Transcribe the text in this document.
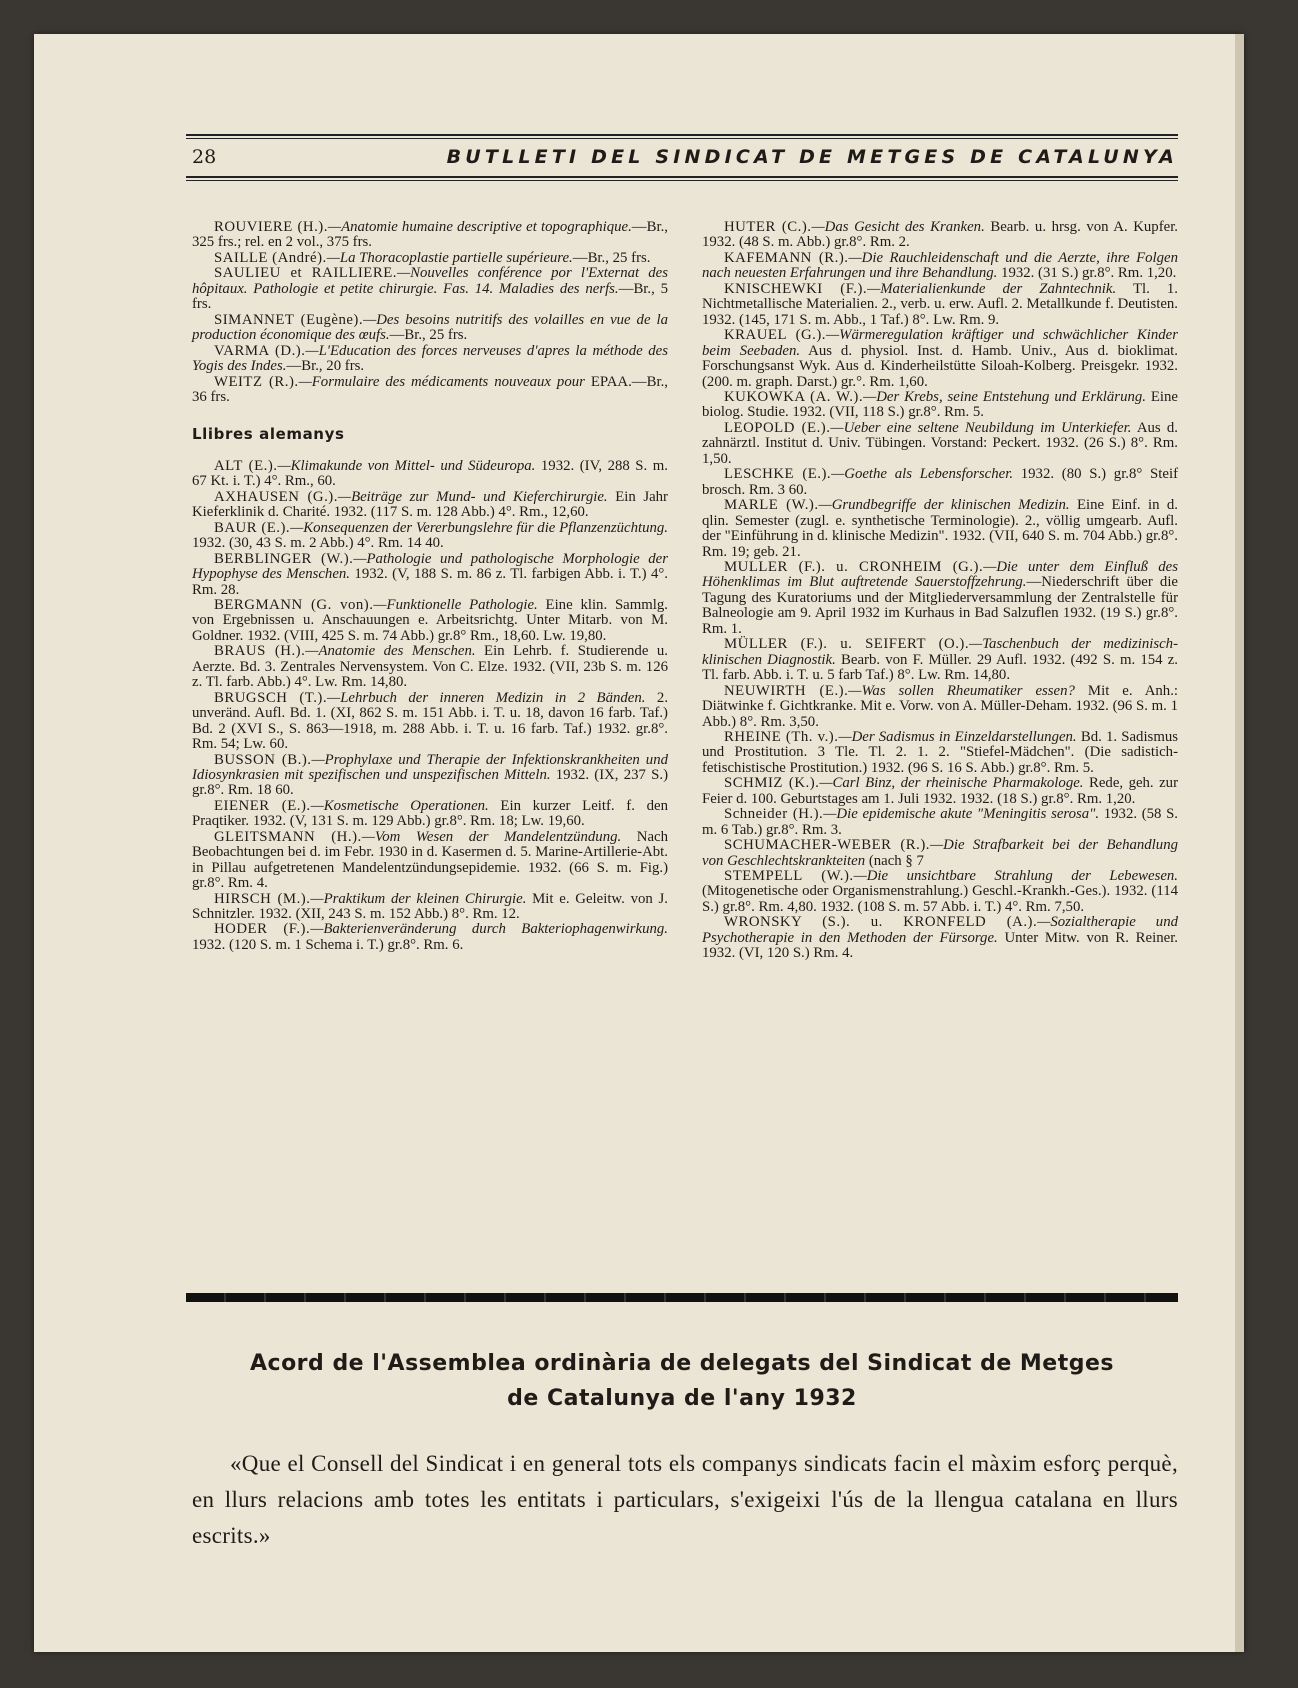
28	BUTLLETI DEL SINDICAT DE METGES DE CATALUNYA

ROUVIERE (H.).—Anatomie humaine descriptive et topographique.—Br., 325 frs.; rel. en 2 vol., 375 frs.

SAILLE (André).—La Thoracoplastie partielle supérieure.—Br., 25 frs.

SAULIEU et RAILLIERE.—Nouvelles conférence por l'Externat des hôpitaux. Pathologie et petite chirurgie. Fas. 14. Maladies des nerfs.—Br., 5 frs.

SIMANNET (Eugène).—Des besoins nutritifs des volailles en vue de la production économique des œufs.—Br., 25 frs.

VARMA (D.).—L'Education des forces nerveuses d'apres la méthode des Yogis des Indes.—Br., 20 frs.

WEITZ (R.).—Formulaire des médicaments nouveaux pour EPAA.—Br., 36 frs.

Llibres alemanys

ALT (E.).—Klimakunde von Mittel- und Südeuropa. 1932. (IV, 288 S. m. 67 Kt. i. T.) 4°. Rm., 60.

AXHAUSEN (G.).—Beiträge zur Mund- und Kieferchirurgie. Ein Jahr Kieferklinik d. Charité. 1932. (117 S. m. 128 Abb.) 4°. Rm., 12,60.

BAUR (E.).—Konsequenzen der Vererbungslehre für die Pflanzenzüchtung. 1932. (30, 43 S. m. 2 Abb.) 4°. Rm. 14 40.

BERBLINGER (W.).—Pathologie und pathologische Morphologie der Hypophyse des Menschen. 1932. (V, 188 S. m. 86 z. Tl. farbigen Abb. i. T.) 4°. Rm. 28.

BERGMANN (G. von).—Funktionelle Pathologie. Eine klin. Sammlg. von Ergebnissen u. Anschauungen e. Arbeitsrichtg. Unter Mitarb. von M. Goldner. 1932. (VIII, 425 S. m. 74 Abb.) gr.8° Rm., 18,60. Lw. 19,80.

BRAUS (H.).—Anatomie des Menschen. Ein Lehrb. f. Studierende u. Aerzte. Bd. 3. Zentrales Nervensystem. Von C. Elze. 1932. (VII, 23b S. m. 126 z. Tl. farb. Abb.) 4°. Lw. Rm. 14,80.

BRUGSCH (T.).—Lehrbuch der inneren Medizin in 2 Bänden. 2. unveränd. Aufl. Bd. 1. (XI, 862 S. m. 151 Abb. i. T. u. 18, davon 16 farb. Taf.) Bd. 2 (XVI S., S. 863—1918, m. 288 Abb. i. T. u. 16 farb. Taf.) 1932. gr.8°. Rm. 54; Lw. 60.

BUSSON (B.).—Prophylaxe und Therapie der Infektionskrankheiten und Idiosynkrasien mit spezifischen und unspezifischen Mitteln. 1932. (IX, 237 S.) gr.8°. Rm. 18 60.

EIENER (E.).—Kosmetische Operationen. Ein kurzer Leitf. f. den Praqtiker. 1932. (V, 131 S. m. 129 Abb.) gr.8°. Rm. 18; Lw. 19,60.

GLEITSMANN (H.).—Vom Wesen der Mandelentzündung. Nach Beobachtungen bei d. im Febr. 1930 in d. Kasermen d. 5. Marine-Artillerie-Abt. in Pillau aufgetretenen Mandelentzündungsepidemie. 1932. (66 S. m. Fig.) gr.8°. Rm. 4.

HIRSCH (M.).—Praktikum der kleinen Chirurgie. Mit e. Geleitw. von J. Schnitzler. 1932. (XII, 243 S. m. 152 Abb.) 8°. Rm. 12.

HODER (F.).—Bakterienveränderung durch Bakteriophagenwirkung. 1932. (120 S. m. 1 Schema i. T.) gr.8°. Rm. 6.

HUTER (C.).—Das Gesicht des Kranken. Bearb. u. hrsg. von A. Kupfer. 1932. (48 S. m. Abb.) gr.8°. Rm. 2.

KAFEMANN (R.).—Die Rauchleidenschaft und die Aerzte, ihre Folgen nach neuesten Erfahrungen und ihre Behandlung. 1932. (31 S.) gr.8°. Rm. 1,20.

KNISCHEWKI (F.).—Materialienkunde der Zahntechnik. Tl. 1. Nichtmetallische Materialien. 2., verb. u. erw. Aufl. 2. Metallkunde f. Deutisten. 1932. (145, 171 S. m. Abb., 1 Taf.) 8°. Lw. Rm. 9.

KRAUEL (G.).—Wärmeregulation kräftiger und schwächlicher Kinder beim Seebaden. Aus d. physiol. Inst. d. Hamb. Univ., Aus d. bioklimat. Forschungsanst Wyk. Aus d. Kinderheilstütte Siloah-Kolberg. Preisgekr. 1932. (200. m. graph. Darst.) gr.°. Rm. 1,60.

KUKOWKA (A. W.).—Der Krebs, seine Entstehung und Erklärung. Eine biolog. Studie. 1932. (VII, 118 S.) gr.8°. Rm. 5.

LEOPOLD (E.).—Ueber eine seltene Neubildung im Unterkiefer. Aus d. zahnärztl. Institut d. Univ. Tübingen. Vorstand: Peckert. 1932. (26 S.) 8°. Rm. 1,50.

LESCHKE (E.).—Goethe als Lebensforscher. 1932. (80 S.) gr.8° Steif brosch. Rm. 3 60.

MARLE (W.).—Grundbegriffe der klinischen Medizin. Eine Einf. in d. qlin. Semester (zugl. e. synthetische Terminologie). 2., völlig umgearb. Aufl. der "Einführung in d. klinische Medizin". 1932. (VII, 640 S. m. 704 Abb.) gr.8°. Rm. 19; geb. 21.

MULLER (F.). u. CRONHEIM (G.).—Die unter dem Einfluß des Höhenklimas im Blut auftretende Sauerstoffzehrung.—Niederschrift über die Tagung des Kuratoriums und der Mitgliederversammlung der Zentralstelle für Balneologie am 9. April 1932 im Kurhaus in Bad Salzuflen 1932. (19 S.) gr.8°. Rm. 1.

MÜLLER (F.). u. SEIFERT (O.).—Taschenbuch der medizinisch-klinischen Diagnostik. Bearb. von F. Müller. 29 Aufl. 1932. (492 S. m. 154 z. Tl. farb. Abb. i. T. u. 5 farb Taf.) 8°. Lw. Rm. 14,80.

NEUWIRTH (E.).—Was sollen Rheumatiker essen? Mit e. Anh.: Diätwinke f. Gichtkranke. Mit e. Vorw. von A. Müller-Deham. 1932. (96 S. m. 1 Abb.) 8°. Rm. 3,50.

RHEINE (Th. v.).—Der Sadismus in Einzeldarstellungen. Bd. 1. Sadismus und Prostitution. 3 Tle. Tl. 2. 1. 2. "Stiefel-Mädchen". (Die sadistich-fetischistische Prostitution.) 1932. (96 S. 16 S. Abb.) gr.8°. Rm. 5.

SCHMIZ (K.).—Carl Binz, der rheinische Pharmakologe. Rede, geh. zur Feier d. 100. Geburtstages am 1. Juli 1932. 1932. (18 S.) gr.8°. Rm. 1,20.

Schneider (H.).—Die epidemische akute "Meningitis serosa". 1932. (58 S. m. 6 Tab.) gr.8°. Rm. 3.

SCHUMACHER-WEBER (R.).—Die Strafbarkeit bei der Behandlung von Geschlechtskrankteiten (nach § 7

STEMPELL (W.).—Die unsichtbare Strahlung der Lebewesen. (Mitogenetische oder Organismenstrahlung.) Geschl.-Krankh.-Ges.). 1932. (114 S.) gr.8°. Rm. 4,80. 1932. (108 S. m. 57 Abb. i. T.) 4°. Rm. 7,50.

WRONSKY (S.). u. KRONFELD (A.).—Sozialtherapie und Psychotherapie in den Methoden der Fürsorge. Unter Mitw. von R. Reiner. 1932. (VI, 120 S.) Rm. 4.

Acord de l'Assemblea ordinària de delegats del Sindicat de Metges
de Catalunya de l'any 1932

«Que el Consell del Sindicat i en general tots els companys sindicats facin el màxim esforç perquè, en llurs relacions amb totes les entitats i particulars, s'exigeixi l'ús de la llengua catalana en llurs escrits.»
